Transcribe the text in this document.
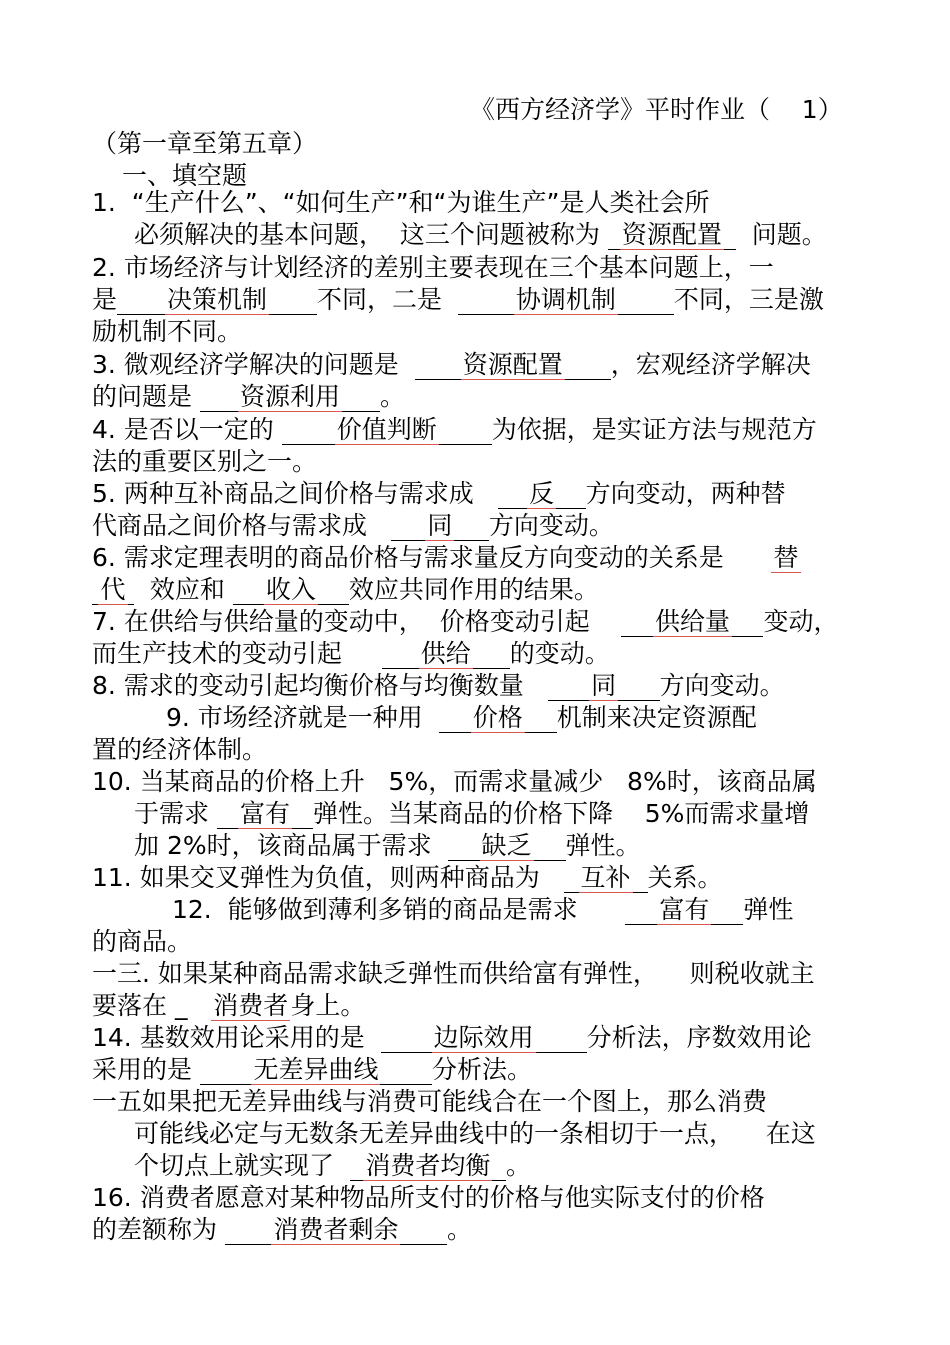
《西方经济学》平时作业（    1）
（第一章至第五章）
一、填空题
1.  “生产什么”、“如何生产”和“为谁生产”是人类社会所
必须解决的基本问题，  这三个问题被称为 资源配置  问题。
2. 市场经济与计划经济的差别主要表现在三个基本问题上，一
是 决策机制 不同，二是  协调机制 不同，三是激
励机制不同。
3. 微观经济学解决的问题是  资源配置 ，宏观经济学解决
的问题是 资源利用 。
4. 是否以一定的 价值判断 为依据，是实证方法与规范方
法的重要区别之一。
5. 两种互补商品之间价格与需求成   反 方向变动，两种替
代商品之间价格与需求成   同 方向变动。
6. 需求定理表明的商品价格与需求量反方向变动的关系是      替
代  效应和 收入 效应共同作用的结果。
7. 在供给与供给量的变动中，  价格变动引起    供给量 变动，
而生产技术的变动引起     供给 的变动。
8. 需求的变动引起均衡价格与均衡数量   同 方向变动。
9. 市场经济就是一种用  价格 机制来决定资源配
置的经济体制。
10. 当某商品的价格上升   5%，而需求量减少   8%时，该商品属
于需求 富有 弹性。当某商品的价格下降    5%而需求量增
加 2%时，该商品属于需求  缺乏 弹性。
11. 如果交叉弹性为负值，则两种商品为   互补 关系。
12.  能够做到薄利多销的商品是需求      富有 弹性
的商品。
一三. 如果某种商品需求缺乏弹性而供给富有弹性，    则税收就主
要落在 _   消费者身上。
14. 基数效用论采用的是  边际效用 分析法，序数效用论
采用的是 无差异曲线 分析法。
一五如果把无差异曲线与消费可能线合在一个图上，那么消费
可能线必定与无数条无差异曲线中的一条相切于一点，    在这
个切点上就实现了  消费者均衡 。
16. 消费者愿意对某种物品所支付的价格与他实际支付的价格
的差额称为 消费者剩余 。
